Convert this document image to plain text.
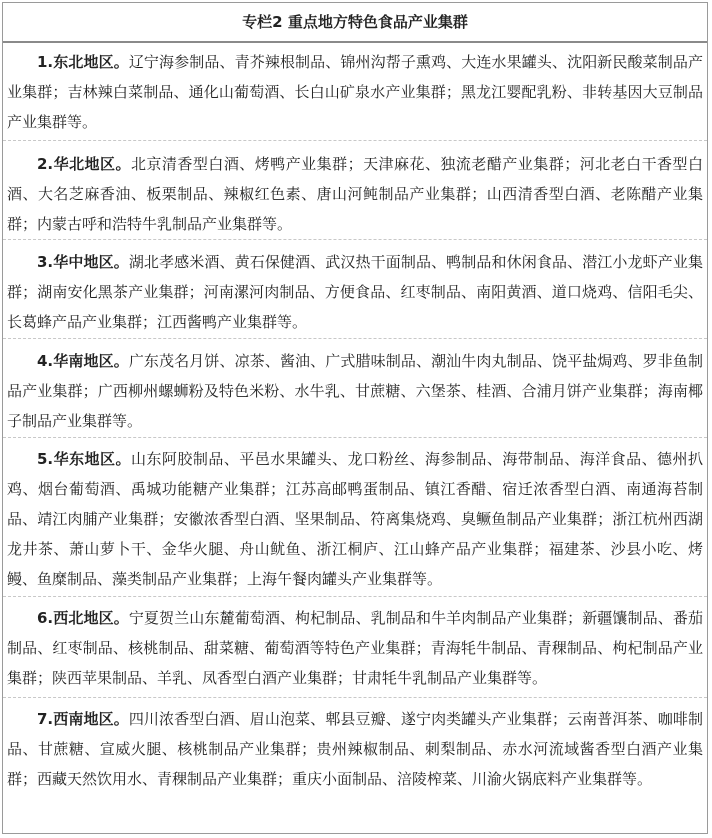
专栏2 重点地方特色食品产业集群
1.东北地区。辽宁海参制品、青芥辣根制品、锦州沟帮子熏鸡、大连水果罐头、沈阳新民酸菜制品产业集群；吉林辣白菜制品、通化山葡萄酒、长白山矿泉水产业集群；黑龙江婴配乳粉、非转基因大豆制品产业集群等。
2.华北地区。北京清香型白酒、烤鸭产业集群；天津麻花、独流老醋产业集群；河北老白干香型白酒、大名芝麻香油、板栗制品、辣椒红色素、唐山河鲀制品产业集群；山西清香型白酒、老陈醋产业集群；内蒙古呼和浩特牛乳制品产业集群等。
3.华中地区。湖北孝感米酒、黄石保健酒、武汉热干面制品、鸭制品和休闲食品、潜江小龙虾产业集群；湖南安化黑茶产业集群；河南漯河肉制品、方便食品、红枣制品、南阳黄酒、道口烧鸡、信阳毛尖、长葛蜂产品产业集群；江西酱鸭产业集群等。
4.华南地区。广东茂名月饼、凉茶、酱油、广式腊味制品、潮汕牛肉丸制品、饶平盐焗鸡、罗非鱼制品产业集群；广西柳州螺蛳粉及特色米粉、水牛乳、甘蔗糖、六堡茶、桂酒、合浦月饼产业集群；海南椰子制品产业集群等。
5.华东地区。山东阿胶制品、平邑水果罐头、龙口粉丝、海参制品、海带制品、海洋食品、德州扒鸡、烟台葡萄酒、禹城功能糖产业集群；江苏高邮鸭蛋制品、镇江香醋、宿迁浓香型白酒、南通海苔制品、靖江肉脯产业集群；安徽浓香型白酒、坚果制品、符离集烧鸡、臭鳜鱼制品产业集群；浙江杭州西湖龙井茶、萧山萝卜干、金华火腿、舟山鱿鱼、浙江桐庐、江山蜂产品产业集群；福建茶、沙县小吃、烤鳗、鱼糜制品、藻类制品产业集群；上海午餐肉罐头产业集群等。
6.西北地区。宁夏贺兰山东麓葡萄酒、枸杞制品、乳制品和牛羊肉制品产业集群；新疆馕制品、番茄制品、红枣制品、核桃制品、甜菜糖、葡萄酒等特色产业集群；青海牦牛制品、青稞制品、枸杞制品产业集群；陕西苹果制品、羊乳、凤香型白酒产业集群；甘肃牦牛乳制品产业集群等。
7.西南地区。四川浓香型白酒、眉山泡菜、郫县豆瓣、遂宁肉类罐头产业集群；云南普洱茶、咖啡制品、甘蔗糖、宣威火腿、核桃制品产业集群；贵州辣椒制品、刺梨制品、赤水河流域酱香型白酒产业集群；西藏天然饮用水、青稞制品产业集群；重庆小面制品、涪陵榨菜、川渝火锅底料产业集群等。
